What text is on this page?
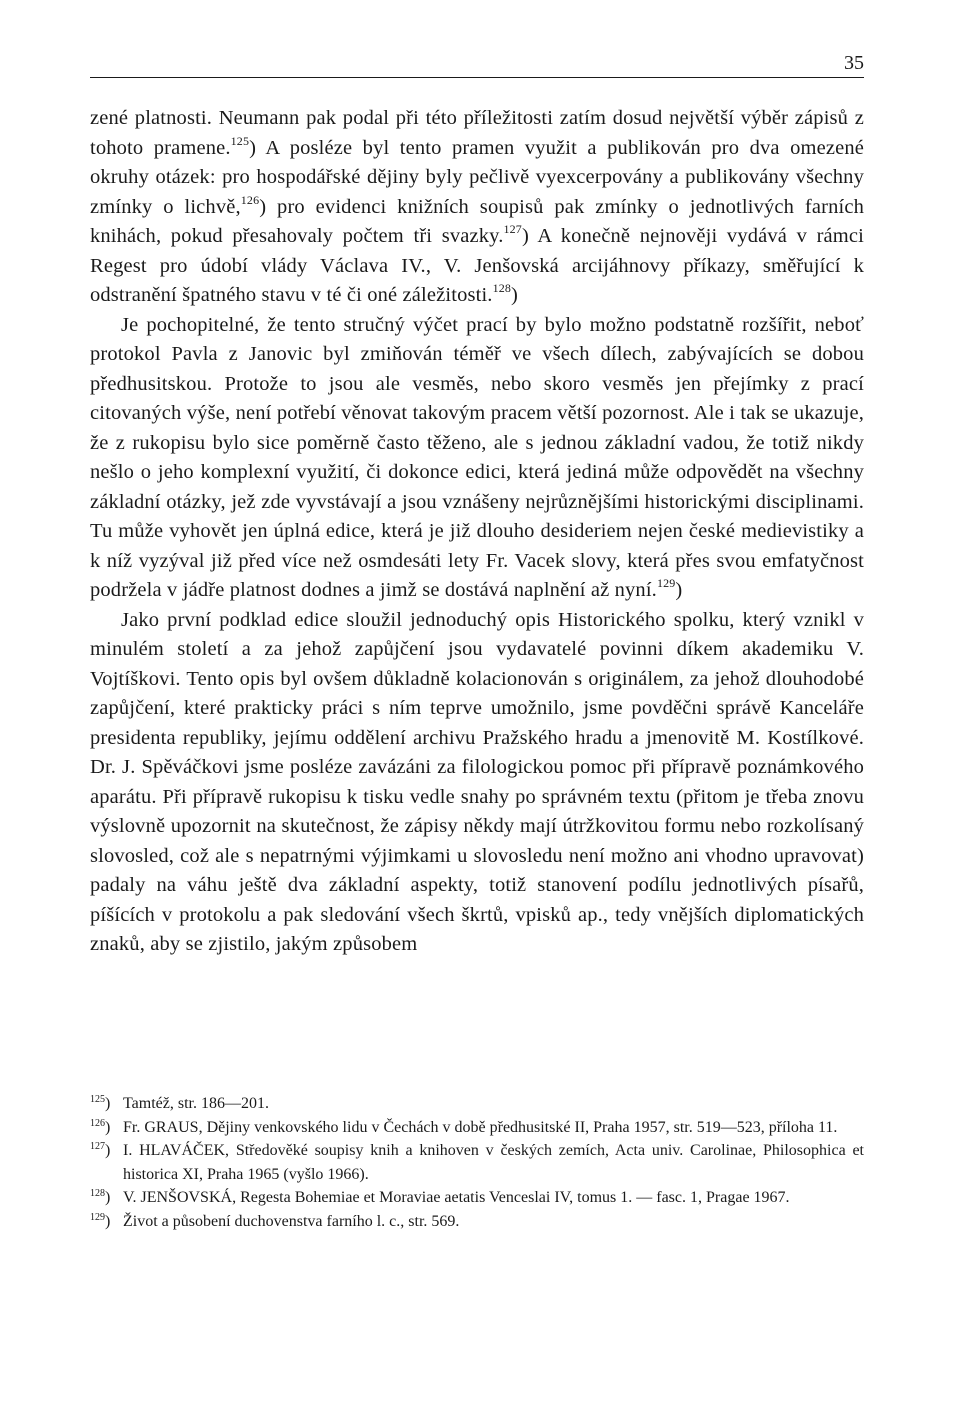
35

zené platnosti. Neumann pak podal při této příležitosti zatím dosud největší výběr zápisů z tohoto pramene.$^{125}$) A posléze byl tento pramen využit a publikován pro dva omezené okruhy otázek: pro hospodářské dějiny byly pečlivě vyexcerpovány a publikovány všechny zmínky o lichvě,$^{126}$) pro evidenci knižních soupisů pak zmínky o jednotlivých farních knihách, pokud přesahovaly počtem tři svazky.$^{127}$) A konečně nejnověji vydává v rámci Regest pro údobí vlády Václava IV., V. Jenšovská arcijáhnovy příkazy, směřující k odstranění špatného stavu v té či oné záležitosti.$^{128}$)

Je pochopitelné, že tento stručný výčet prací by bylo možno podstatně rozšířit, neboť protokol Pavla z Janovic byl zmiňován téměř ve všech dílech, zabývajících se dobou předhusitskou. Protože to jsou ale vesměs, nebo skoro vesměs jen přejímky z prací citovaných výše, není potřebí věnovat takovým pracem větší pozornost. Ale i tak se ukazuje, že z rukopisu bylo sice poměrně často těženo, ale s jednou základní vadou, že totiž nikdy nešlo o jeho komplexní využití, či dokonce edici, která jediná může odpovědět na všechny základní otázky, jež zde vyvstávají a jsou vznášeny nejrůznějšími historickými disciplinami. Tu může vyhovět jen úplná edice, která je již dlouho desideriem nejen české medievistiky a k níž vyzýval již před více než osmdesáti lety Fr. Vacek slovy, která přes svou emfatyčnost podržela v jádře platnost dodnes a jimž se dostává naplnění až nyní.$^{129}$)

Jako první podklad edice sloužil jednoduchý opis Historického spolku, který vznikl v minulém století a za jehož zapůjčení jsou vydavatelé povinni díkem akademiku V. Vojtíškovi. Tento opis byl ovšem důkladně kolacionován s originálem, za jehož dlouhodobé zapůjčení, které prakticky práci s ním teprve umožnilo, jsme povděčni správě Kanceláře presidenta republiky, jejímu oddělení archivu Pražského hradu a jmenovitě M. Kostílkové. Dr. J. Spěváčkovi jsme posléze zavázáni za filologickou pomoc při přípravě poznámkového aparátu. Při přípravě rukopisu k tisku vedle snahy po správném textu (přitom je třeba znovu výslovně upozornit na skutečnost, že zápisy někdy mají útržkovitou formu nebo rozkolísaný slovosled, což ale s nepatrnými výjimkami u slovosledu není možno ani vhodno upravovat) padaly na váhu ještě dva základní aspekty, totiž stanovení podílu jednotlivých písařů, píšících v protokolu a pak sledování všech škrtů, vpisků ap., tedy vnějších diplomatických znaků, aby se zjistilo, jakým způsobem

$^{125}$) Tamtéž, str. 186—201.
$^{126}$) Fr. GRAUS, Dějiny venkovského lidu v Čechách v době předhusitské II, Praha 1957, str. 519—523, příloha 11.
$^{127}$) I. HLAVÁČEK, Středověké soupisy knih a knihoven v českých zemích, Acta univ. Carolinae, Philosophica et historica XI, Praha 1965 (vyšlo 1966).
$^{128}$) V. JENŠOVSKÁ, Regesta Bohemiae et Moraviae aetatis Venceslai IV, tomus 1. — fasc. 1, Pragae 1967.
$^{129}$) Život a působení duchovenstva farního l. c., str. 569.
